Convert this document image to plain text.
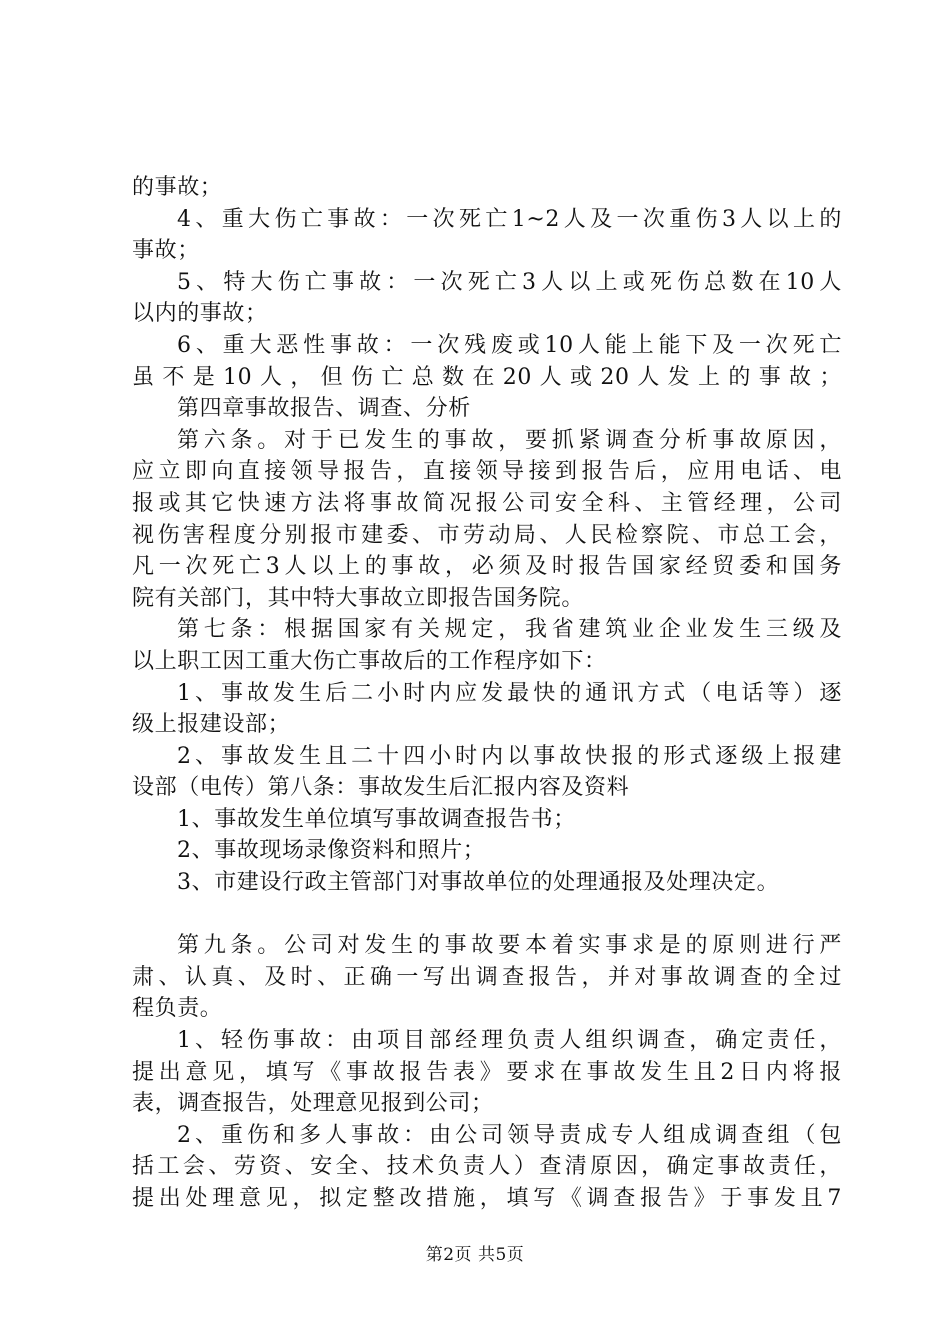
的事故；
4、重大伤亡事故：一次死亡1~2人及一次重伤3人以上的
事故；
5、特大伤亡事故：一次死亡3人以上或死伤总数在10人
以内的事故；
6、重大恶性事故：一次残废或10人能上能下及一次死亡
虽不是10人，但伤亡总数在20人或20人发上的事故；
第四章事故报告、调查、分析
第六条。对于已发生的事故，要抓紧调查分析事故原因，
应立即向直接领导报告，直接领导接到报告后，应用电话、电
报或其它快速方法将事故简况报公司安全科、主管经理，公司
视伤害程度分别报市建委、市劳动局、人民检察院、市总工会，
凡一次死亡3人以上的事故，必须及时报告国家经贸委和国务
院有关部门，其中特大事故立即报告国务院。
第七条：根据国家有关规定，我省建筑业企业发生三级及
以上职工因工重大伤亡事故后的工作程序如下：
1、事故发生后二小时内应发最快的通讯方式（电话等）逐
级上报建设部；
2、事故发生且二十四小时内以事故快报的形式逐级上报建
设部（电传）第八条：事故发生后汇报内容及资料
1、事故发生单位填写事故调查报告书；
2、事故现场录像资料和照片；
3、市建设行政主管部门对事故单位的处理通报及处理决定。
第九条。公司对发生的事故要本着实事求是的原则进行严
肃、认真、及时、正确一写出调查报告，并对事故调查的全过
程负责。
1、轻伤事故：由项目部经理负责人组织调查，确定责任，
提出意见，填写《事故报告表》要求在事故发生且2日内将报
表，调查报告，处理意见报到公司；
2、重伤和多人事故：由公司领导责成专人组成调查组（包
括工会、劳资、安全、技术负责人）查清原因，确定事故责任，
提出处理意见，拟定整改措施，填写《调查报告》于事发且7
第2页 共5页
